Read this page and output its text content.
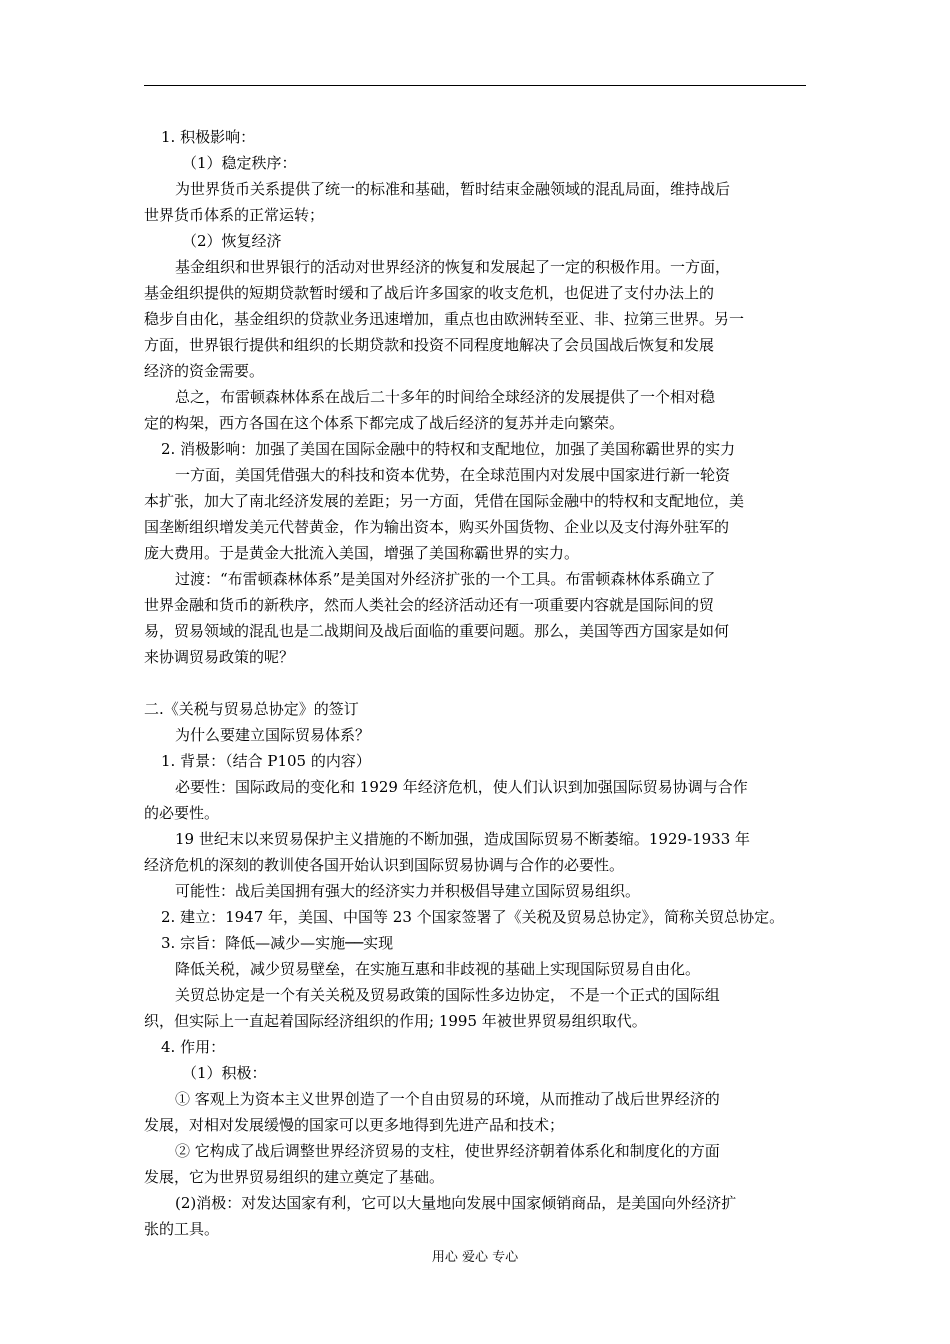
1. 积极影响：
（1）稳定秩序：
为世界货币关系提供了统一的标准和基础，暂时结束金融领域的混乱局面，维持战后
世界货币体系的正常运转；
（2）恢复经济
基金组织和世界银行的活动对世界经济的恢复和发展起了一定的积极作用。一方面，
基金组织提供的短期贷款暂时缓和了战后许多国家的收支危机，也促进了支付办法上的
稳步自由化，基金组织的贷款业务迅速增加，重点也由欧洲转至亚、非、拉第三世界。另一
方面，世界银行提供和组织的长期贷款和投资不同程度地解决了会员国战后恢复和发展
经济的资金需要。
总之，布雷顿森林体系在战后二十多年的时间给全球经济的发展提供了一个相对稳
定的构架，西方各国在这个体系下都完成了战后经济的复苏并走向繁荣。
2. 消极影响：加强了美国在国际金融中的特权和支配地位，加强了美国称霸世界的实力
一方面，美国凭借强大的科技和资本优势，在全球范围内对发展中国家进行新一轮资
本扩张，加大了南北经济发展的差距；另一方面，凭借在国际金融中的特权和支配地位，美
国垄断组织增发美元代替黄金，作为输出资本，购买外国货物、企业以及支付海外驻军的
庞大费用。于是黄金大批流入美国，增强了美国称霸世界的实力。
过渡：“布雷顿森林体系”是美国对外经济扩张的一个工具。布雷顿森林体系确立了
世界金融和货币的新秩序，然而人类社会的经济活动还有一项重要内容就是国际间的贸
易，贸易领域的混乱也是二战期间及战后面临的重要问题。那么，美国等西方国家是如何
来协调贸易政策的呢？
二.《关税与贸易总协定》的签订
为什么要建立国际贸易体系？
1. 背景：（结合 P105 的内容）
必要性：国际政局的变化和 1929 年经济危机，使人们认识到加强国际贸易协调与合作
的必要性。
19 世纪末以来贸易保护主义措施的不断加强，造成国际贸易不断萎缩。1929-1933 年
经济危机的深刻的教训使各国开始认识到国际贸易协调与合作的必要性。
可能性：战后美国拥有强大的经济实力并积极倡导建立国际贸易组织。
2. 建立：1947 年，美国、中国等 23 个国家签署了《关税及贸易总协定》，简称关贸总协定。
3. 宗旨：降低—减少—实施──实现
降低关税，减少贸易壁垒，在实施互惠和非歧视的基础上实现国际贸易自由化。
关贸总协定是一个有关关税及贸易政策的国际性多边协定， 不是一个正式的国际组
织，但实际上一直起着国际经济组织的作用; 1995 年被世界贸易组织取代。
4. 作用：
（1）积极：
① 客观上为资本主义世界创造了一个自由贸易的环境，从而推动了战后世界经济的
发展，对相对发展缓慢的国家可以更多地得到先进产品和技术；
② 它构成了战后调整世界经济贸易的支柱，使世界经济朝着体系化和制度化的方面
发展，它为世界贸易组织的建立奠定了基础。
(2)消极：对发达国家有利，它可以大量地向发展中国家倾销商品，是美国向外经济扩
张的工具。
用心 爱心 专心
